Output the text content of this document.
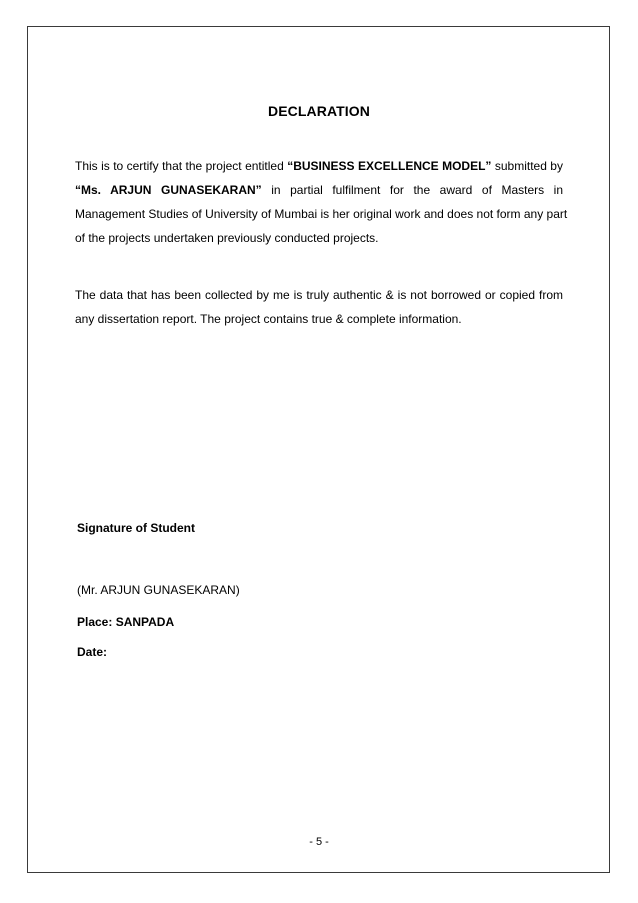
DECLARATION
This is to certify that the project entitled “BUSINESS EXCELLENCE MODEL” submitted by
“Ms. ARJUN GUNASEKARAN” in partial fulfilment for the award of Masters in
Management Studies of University of Mumbai is her original work and does not form any part
of the projects undertaken previously conducted projects.
The data that has been collected by me is truly authentic & is not borrowed or copied from
any dissertation report. The project contains true & complete information.
Signature of Student
(Mr. ARJUN GUNASEKARAN)
Place: SANPADA
Date:
- 5 -
